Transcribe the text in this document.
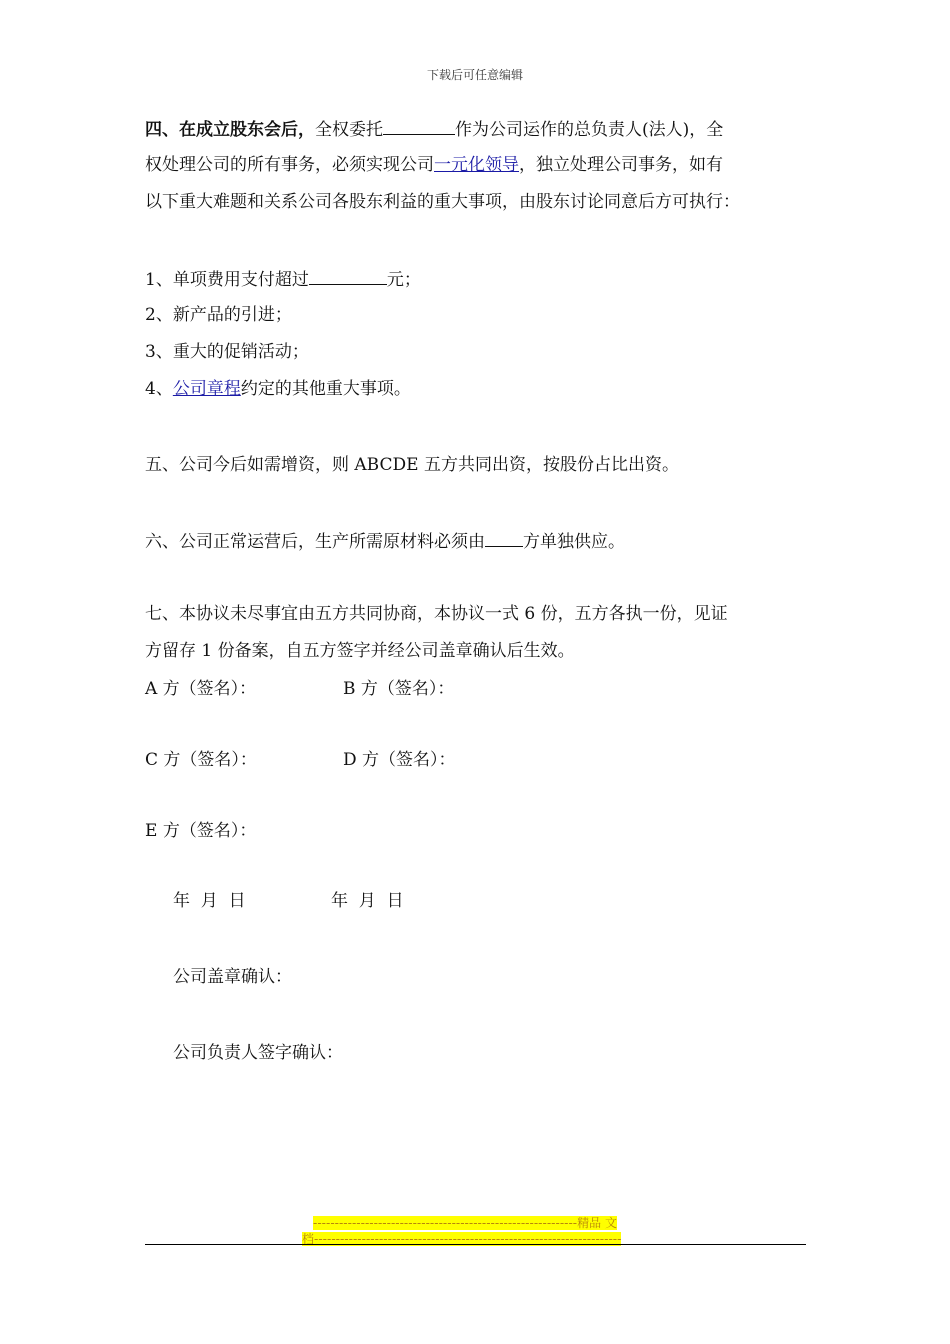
下载后可任意编辑
四、在成立股东会后，全权委托	作为公司运作的总负责人(法人)，全
权处理公司的所有事务，必须实现公司一元化领导，独立处理公司事务，如有
以下重大难题和关系公司各股东利益的重大事项，由股东讨论同意后方可执行：
1、单项费用支付超过	元；
2、新产品的引进；
3、重大的促销活动；
4、公司章程约定的其他重大事项。
五、公司今后如需增资，则 ABCDE 五方共同出资，按股份占比出资。
六、公司正常运营后，生产所需原材料必须由 方单独供应。
七、本协议未尽事宜由五方共同协商，本协议一式 6 份，五方各执一份，见证
方留存 1 份备案，自五方签字并经公司盖章确认后生效。
A 方（签名）：	B 方（签名）：
C 方（签名）：	D 方（签名）：
E 方（签名）：
年  月  日	年  月  日
公司盖章确认：
公司负责人签字确认：
-------------------------------------------------------------精品 文
档-----------------------------------------------------------------------
